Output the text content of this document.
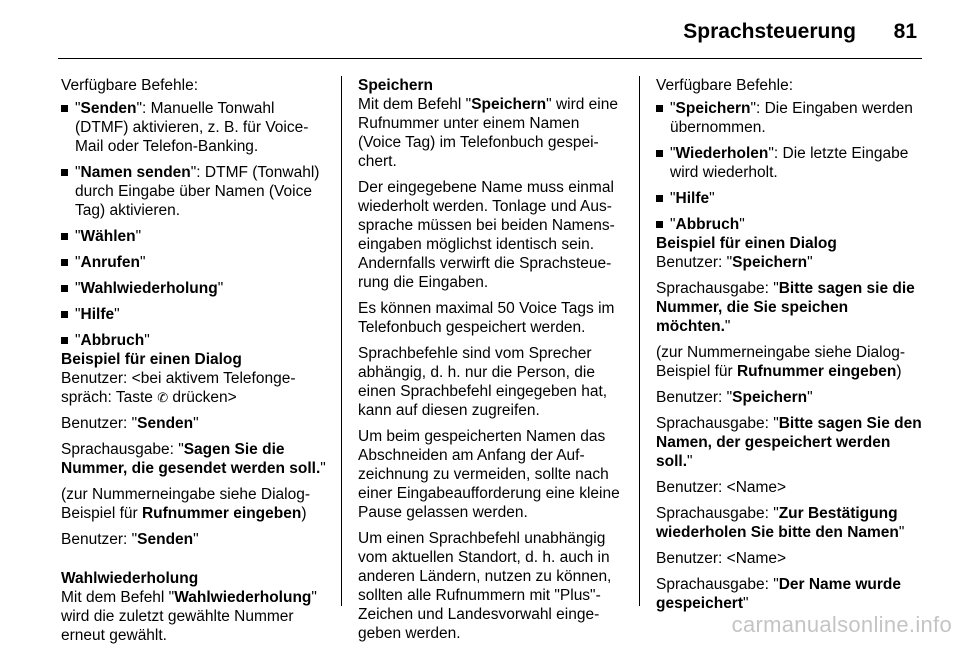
Sprachsteuerung 81

Verfügbare Befehle:

"Senden": Manuelle Tonwahl (DTMF) aktivieren, z. B. für Voice-Mail oder Telefon-Banking.
"Namen senden": DTMF (Tonwahl) durch Eingabe über Namen (Voice Tag) aktivieren.
"Wählen"
"Anrufen"
"Wahlwiederholung"
"Hilfe"
"Abbruch"

Beispiel für einen Dialog

Benutzer: <bei aktivem Telefongespräch: Taste ✆ drücken>

Benutzer: "Senden"

Sprachausgabe: "Sagen Sie die Nummer, die gesendet werden soll."

(zur Nummerneingabe siehe Dialog-Beispiel für Rufnummer eingeben)

Benutzer: "Senden"

Wahlwiederholung

Mit dem Befehl "Wahlwiederholung" wird die zuletzt gewählte Nummer erneut gewählt.

Speichern

Mit dem Befehl "Speichern" wird eine Rufnummer unter einem Namen (Voice Tag) im Telefonbuch gespeichert.

Der eingegebene Name muss einmal wiederholt werden. Tonlage und Aussprache müssen bei beiden Namenseingaben möglichst identisch sein. Andernfalls verwirft die Sprachsteuerung die Eingaben.

Es können maximal 50 Voice Tags im Telefonbuch gespeichert werden.

Sprachbefehle sind vom Sprecher abhängig, d. h. nur die Person, die einen Sprachbefehl eingegeben hat, kann auf diesen zugreifen.

Um beim gespeicherten Namen das Abschneiden am Anfang der Aufzeichnung zu vermeiden, sollte nach einer Eingabeaufforderung eine kleine Pause gelassen werden.

Um einen Sprachbefehl unabhängig vom aktuellen Standort, d. h. auch in anderen Ländern, nutzen zu können, sollten alle Rufnummern mit "Plus"-Zeichen und Landesvorwahl eingegeben werden.

Verfügbare Befehle:

"Speichern": Die Eingaben werden übernommen.
"Wiederholen": Die letzte Eingabe wird wiederholt.
"Hilfe"
"Abbruch"

Beispiel für einen Dialog

Benutzer: "Speichern"

Sprachausgabe: "Bitte sagen sie die Nummer, die Sie speichen möchten."

(zur Nummerneingabe siehe Dialog-Beispiel für Rufnummer eingeben)

Benutzer: "Speichern"

Sprachausgabe: "Bitte sagen Sie den Namen, der gespeichert werden soll."

Benutzer: <Name>

Sprachausgabe: "Zur Bestätigung wiederholen Sie bitte den Namen"

Benutzer: <Name>

Sprachausgabe: "Der Name wurde gespeichert"

carmanualsonline.info
